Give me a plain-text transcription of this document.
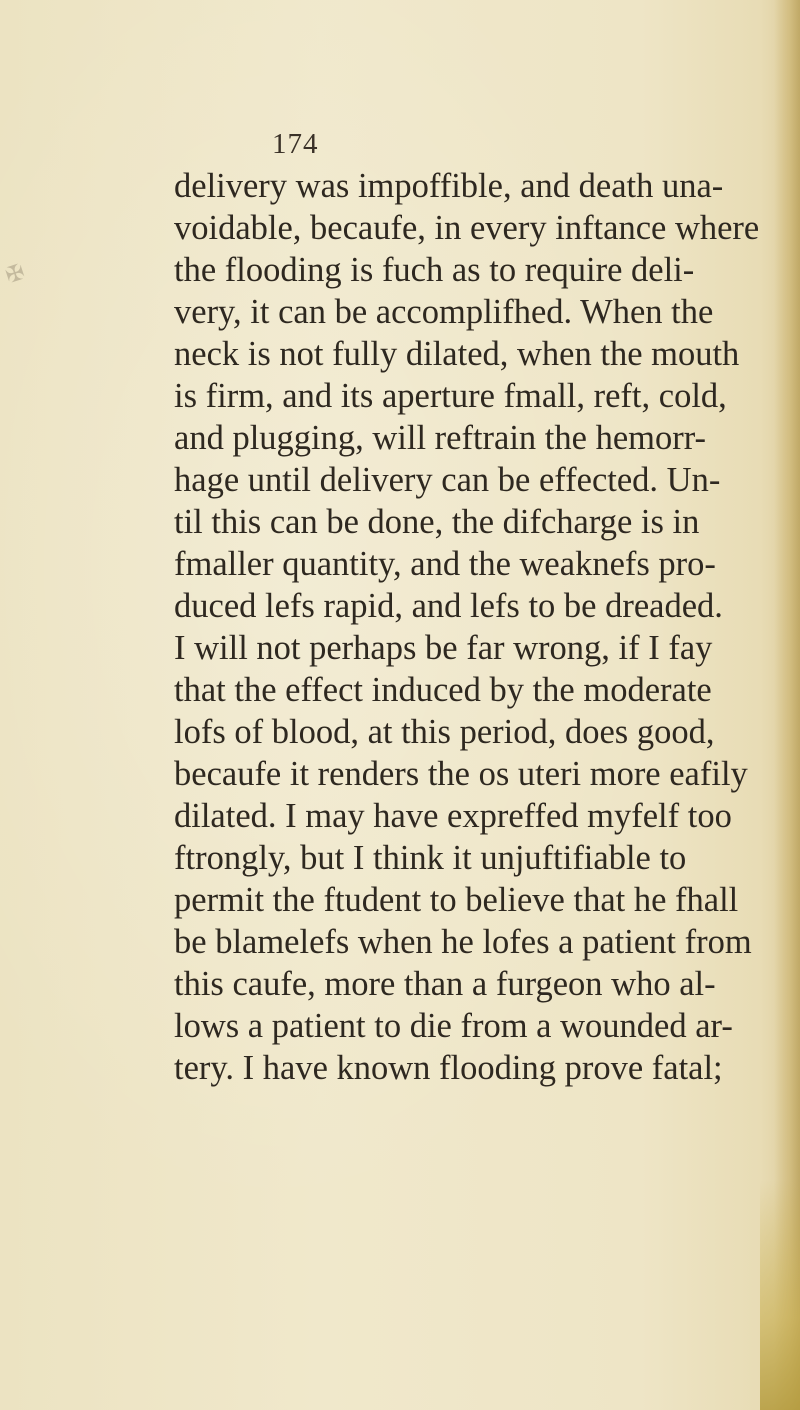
✠
174
delivery was impoffible, and death una-
voidable, becaufe, in every inftance where
the flooding is fuch as to require deli-
very, it can be accomplifhed. When the
neck is not fully dilated, when the mouth
is firm, and its aperture fmall, reft, cold,
and plugging, will reftrain the hemorr-
hage until delivery can be effected. Un-
til this can be done, the difcharge is in
fmaller quantity, and the weaknefs pro-
duced lefs rapid, and lefs to be dreaded.
I will not perhaps be far wrong, if I fay
that the effect induced by the moderate
lofs of blood, at this period, does good,
becaufe it renders the os uteri more eafily
dilated. I may have expreffed myfelf too
ftrongly, but I think it unjuftifiable to
permit the ftudent to believe that he fhall
be blamelefs when he lofes a patient from
this caufe, more than a furgeon who al-
lows a patient to die from a wounded ar-
tery. I have known flooding prove fatal;
